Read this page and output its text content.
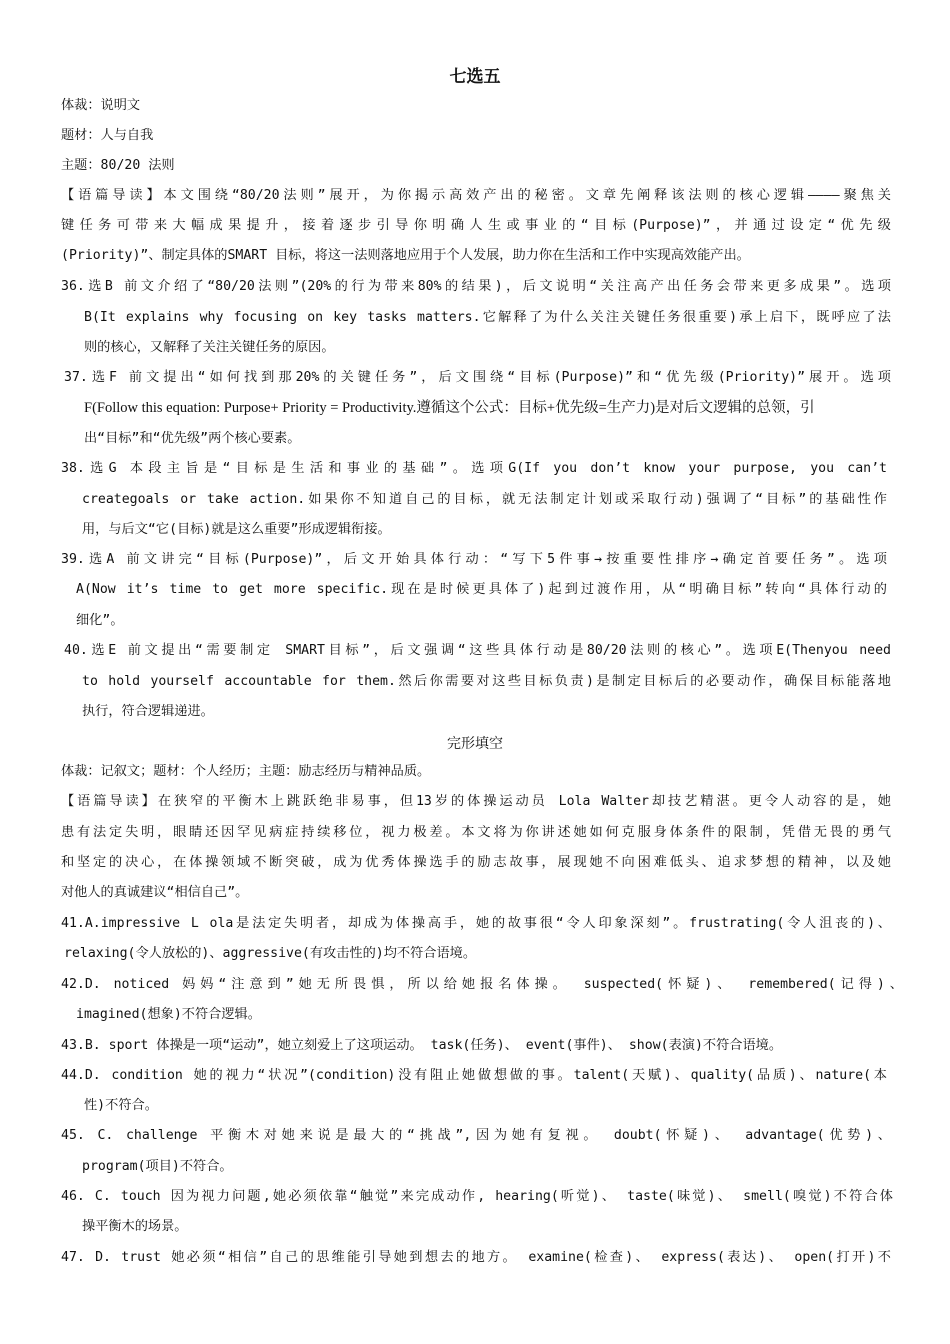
七选五
体裁：说明文
题材：人与自我
主题：80/20 法则
【语篇导读】本文围绕“80/20法则”展开，为你揭示高效产出的秘密。文章先阐释该法则的核心逻辑————聚焦关
键任务可带来大幅成果提升，接着逐步引导你明确人生或事业的“目标(Purpose)”，并通过设定“优先级
(Priority)”、制定具体的SMART 目标，将这一法则落地应用于个人发展，助力你在生活和工作中实现高效能产出。
36.选B 前文介绍了“80/20法则”(20%的行为带来80%的结果)，后文说明“关注高产出任务会带来更多成果”。选项
B(It explains why focusing on key tasks matters.它解释了为什么关注关键任务很重要)承上启下，既呼应了法
则的核心，又解释了关注关键任务的原因。
37.选F 前文提出“如何找到那20%的关键任务”，后文围绕“目标(Purpose)”和“优先级(Priority)”展开。选项
F(Follow this equation: Purpose+ Priority = Productivity.遵循这个公式：目标+优先级=生产力)是对后文逻辑的总领，引
出“目标”和“优先级”两个核心要素。
38.选G 本段主旨是“目标是生活和事业的基础”。选项G(If you don’t know your purpose, you can’t
creategoals or take action.如果你不知道自己的目标，就无法制定计划或采取行动)强调了“目标”的基础性作
用，与后文“它(目标)就是这么重要”形成逻辑衔接。
39.选A 前文讲完“目标(Purpose)”，后文开始具体行动：“写下5件事→按重要性排序→确定首要任务”。选项
A(Now it’s time to get more specific.现在是时候更具体了)起到过渡作用，从“明确目标”转向“具体行动的
细化”。
40.选E 前文提出“需要制定 SMART目标”，后文强调“这些具体行动是80/20法则的核心”。选项E(Thenyou need
to hold yourself accountable for them.然后你需要对这些目标负责)是制定目标后的必要动作，确保目标能落地
执行，符合逻辑递进。
完形填空
体裁：记叙文；题材：个人经历；主题：励志经历与精神品质。
【语篇导读】在狭窄的平衡木上跳跃绝非易事，但13岁的体操运动员 Lola Walter却技艺精湛。更令人动容的是，她
患有法定失明，眼睛还因罕见病症持续移位，视力极差。本文将为你讲述她如何克服身体条件的限制，凭借无畏的勇气
和坚定的决心，在体操领域不断突破，成为优秀体操选手的励志故事，展现她不向困难低头、追求梦想的精神，以及她
对他人的真诚建议“相信自己”。
41.A.impressive L ola是法定失明者，却成为体操高手，她的故事很“令人印象深刻”。frustrating(令人沮丧的)、
relaxing(令人放松的)、aggressive(有攻击性的)均不符合语境。
42.D. noticed 妈妈“注意到”她无所畏惧，所以给她报名体操。 suspected(怀疑)、 remembered(记得)、
imagined(想象)不符合逻辑。
43.B. sport 体操是一项“运动”，她立刻爱上了这项运动。 task(任务)、 event(事件)、 show(表演)不符合语境。
44.D. condition 她的视力“状况”(condition)没有阻止她做想做的事。talent(天赋)、quality(品质)、nature(本
性)不符合。
45. C. challenge 平衡木对她来说是最大的“挑战”,因为她有复视。 doubt(怀疑)、 advantage(优势)、
program(项目)不符合。
46. C. touch 因为视力问题,她必须依靠“触觉”来完成动作, hearing(听觉)、 taste(味觉)、 smell(嗅觉)不符合体
操平衡木的场景。
47. D. trust 她必须“相信”自己的思维能引导她到想去的地方。 examine(检查)、 express(表达)、 open(打开)不
